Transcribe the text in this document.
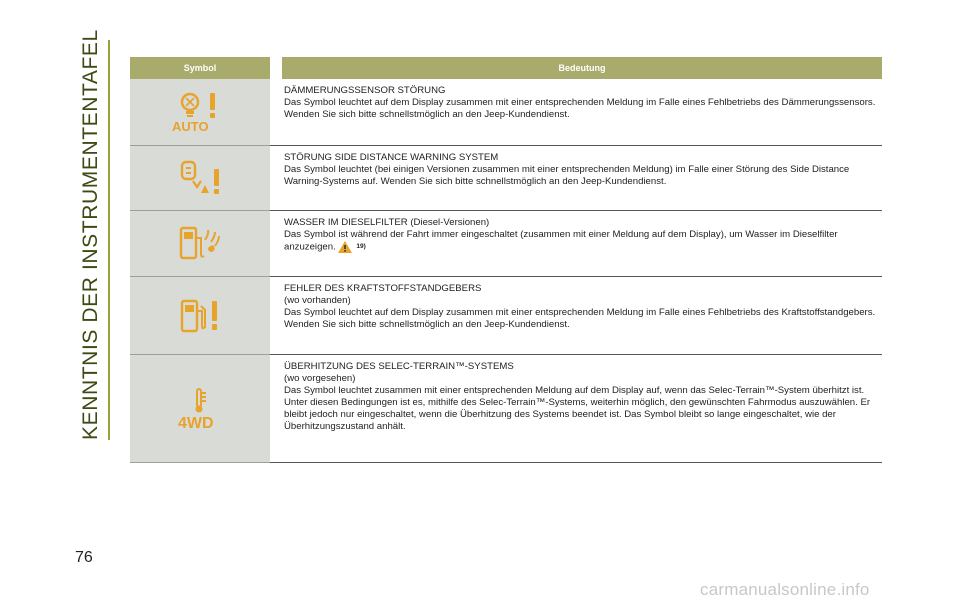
KENNTNIS DER INSTRUMENTENTAFEL	Symbol		Bedeutung

AUTO		DÄMMERUNGSSENSOR STÖRUNG
Das Symbol leuchtet auf dem Display zusammen mit einer entsprechenden Meldung im Falle eines Fehlbetriebs des Dämmerungssensors. Wenden Sie sich bitte schnellstmöglich an den Jeep-Kundendienst.

STÖRUNG SIDE DISTANCE WARNING SYSTEM
Das Symbol leuchtet (bei einigen Versionen zusammen mit einer entsprechenden Meldung) im Falle einer Störung des Side Distance Warning-Systems auf. Wenden Sie sich bitte schnellstmöglich an den Jeep-Kundendienst.

WASSER IM DIESELFILTER (Diesel-Versionen)
Das Symbol ist während der Fahrt immer eingeschaltet (zusammen mit einer Meldung auf dem Display), um Wasser im Dieselfilter anzuzeigen. 19)

FEHLER DES KRAFTSTOFFSTANDGEBERS
(wo vorhanden)
Das Symbol leuchtet auf dem Display zusammen mit einer entsprechenden Meldung im Falle eines Fehlbetriebs des Kraftstoffstandgebers. Wenden Sie sich bitte schnellstmöglich an den Jeep-Kundendienst.

4WD		ÜBERHITZUNG DES SELEC-TERRAIN™-SYSTEMS
(wo vorgesehen)
Das Symbol leuchtet zusammen mit einer entsprechenden Meldung auf dem Display auf, wenn das Selec-Terrain™-System überhitzt ist. Unter diesen Bedingungen ist es, mithilfe des Selec-Terrain™-Systems, weiterhin möglich, den gewünschten Fahrmodus auszuwählen. Er bleibt jedoch nur eingeschaltet, wenn die Überhitzung des Systems beendet ist. Das Symbol bleibt so lange eingeschaltet, wie der Überhitzungszustand anhält.
76
carmanualsonline.info
